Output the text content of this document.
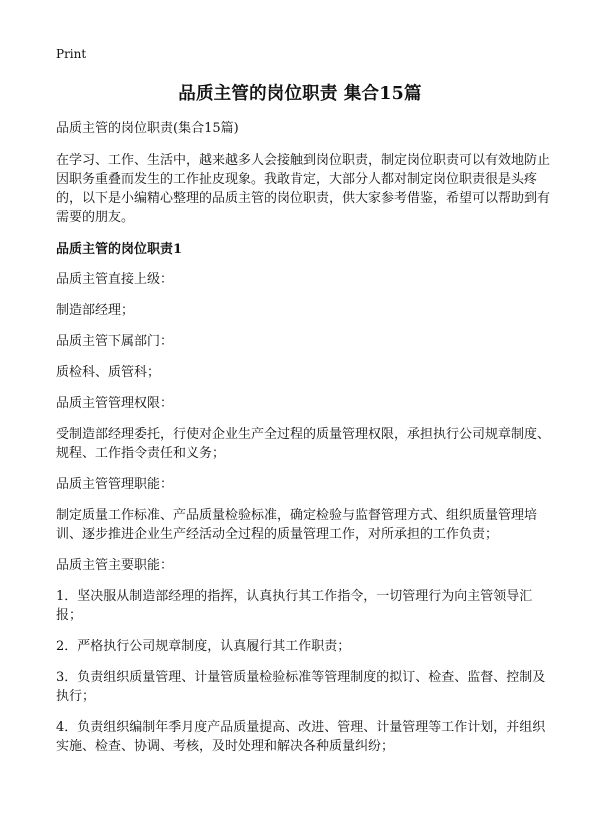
Print
品质主管的岗位职责 集合15篇

品质主管的岗位职责(集合15篇)

在学习、工作、生活中，越来越多人会接触到岗位职责，制定岗位职责可以有效地防止因职务重叠而发生的工作扯皮现象。我敢肯定，大部分人都对制定岗位职责很是头疼的，以下是小编精心整理的品质主管的岗位职责，供大家参考借鉴，希望可以帮助到有需要的朋友。

品质主管的岗位职责1

品质主管直接上级：

制造部经理；

品质主管下属部门：

质检科、质管科；

品质主管管理权限：

受制造部经理委托，行使对企业生产全过程的质量管理权限，承担执行公司规章制度、规程、工作指令责任和义务；

品质主管管理职能：

制定质量工作标准、产品质量检验标准，确定检验与监督管理方式、组织质量管理培训、逐步推进企业生产经活动全过程的质量管理工作，对所承担的工作负责；

品质主管主要职能：

1．坚决服从制造部经理的指挥，认真执行其工作指令，一切管理行为向主管领导汇报；

2．严格执行公司规章制度，认真履行其工作职责；

3．负责组织质量管理、计量管质量检验标准等管理制度的拟订、检查、监督、控制及执行；

4．负责组织编制年季月度产品质量提高、改进、管理、计量管理等工作计划，并组织实施、检查、协调、考核，及时处理和解决各种质量纠纷；
